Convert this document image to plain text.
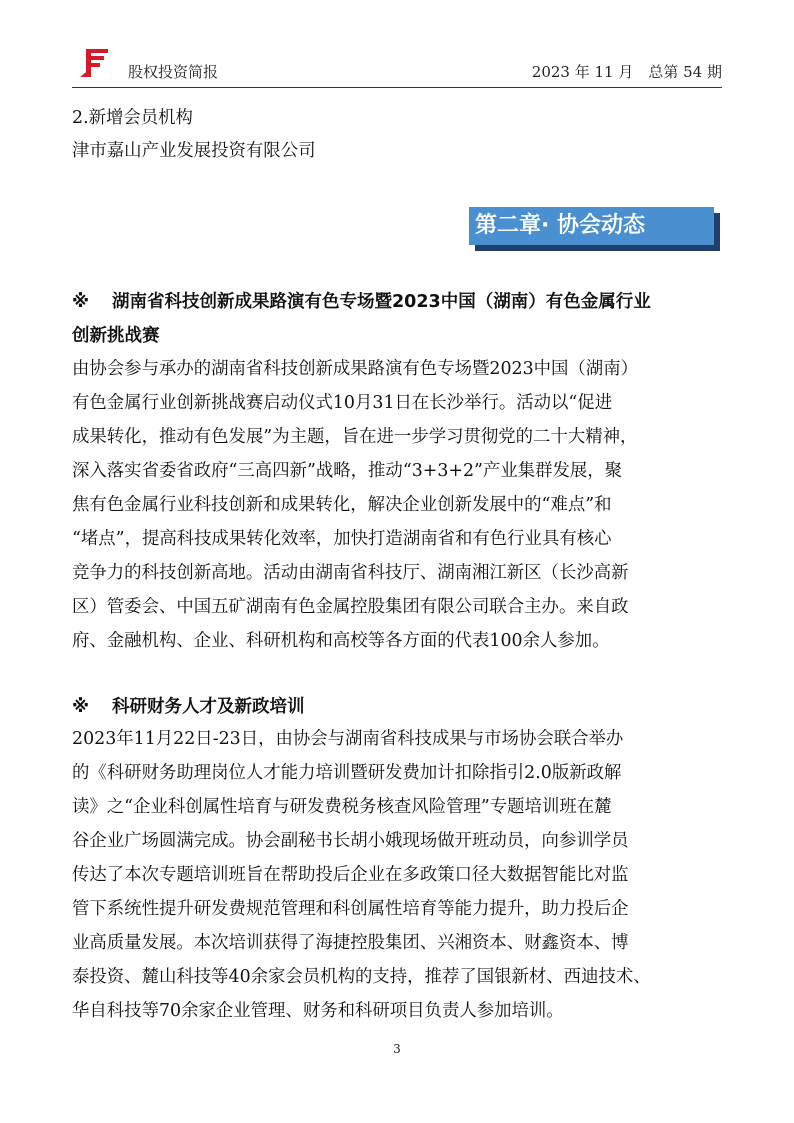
股权投资简报	2023 年 11 月　总第 54 期

2.新增会员机构

津市嘉山产业发展投资有限公司

第二章· 协会动态

※ 湖南省科技创新成果路演有色专场暨2023中国（湖南）有色金属行业

创新挑战赛

由协会参与承办的湖南省科技创新成果路演有色专场暨2023中国（湖南）

有色金属行业创新挑战赛启动仪式10月31日在长沙举行。活动以“促进

成果转化，推动有色发展”为主题，旨在进一步学习贯彻党的二十大精神，

深入落实省委省政府“三高四新”战略，推动“3+3+2”产业集群发展，聚

焦有色金属行业科技创新和成果转化，解决企业创新发展中的“难点”和

“堵点”，提高科技成果转化效率，加快打造湖南省和有色行业具有核心

竞争力的科技创新高地。活动由湖南省科技厅、湖南湘江新区（长沙高新

区）管委会、中国五矿湖南有色金属控股集团有限公司联合主办。来自政

府、金融机构、企业、科研机构和高校等各方面的代表100余人参加。

※ 科研财务人才及新政培训

2023年11月22日-23日，由协会与湖南省科技成果与市场协会联合举办

的《科研财务助理岗位人才能力培训暨研发费加计扣除指引2.0版新政解

读》之“企业科创属性培育与研发费税务核查风险管理”专题培训班在麓

谷企业广场圆满完成。协会副秘书长胡小娥现场做开班动员，向参训学员

传达了本次专题培训班旨在帮助投后企业在多政策口径大数据智能比对监

管下系统性提升研发费规范管理和科创属性培育等能力提升，助力投后企

业高质量发展。本次培训获得了海捷控股集团、兴湘资本、财鑫资本、博

泰投资、麓山科技等40余家会员机构的支持，推荐了国银新材、西迪技术、

华自科技等70余家企业管理、财务和科研项目负责人参加培训。

3
